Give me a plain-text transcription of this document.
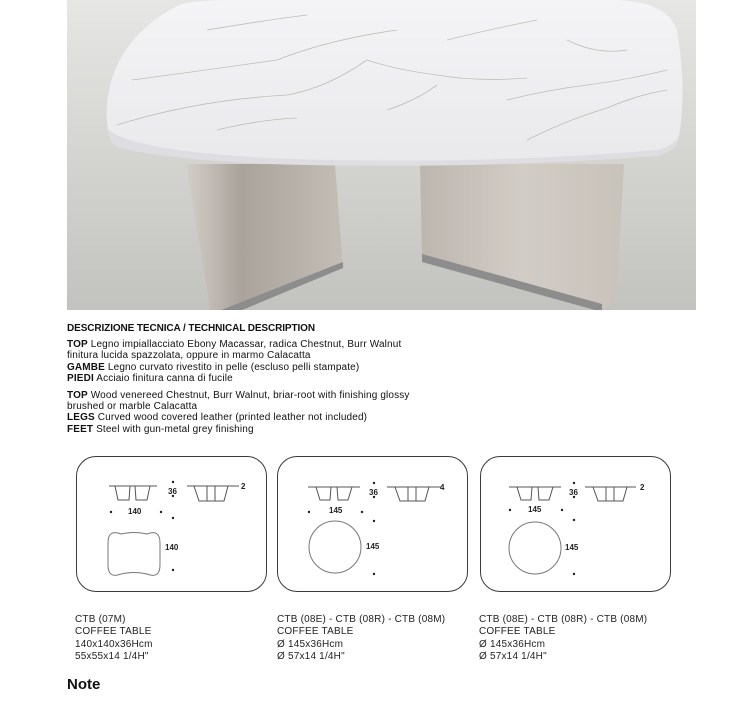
DESCRIZIONE TECNICA / TECHNICAL DESCRIPTION
TOP Legno impiallacciato Ebony Macassar, radica Chestnut, Burr Walnut
finitura lucida spazzolata, oppure in marmo Calacatta
GAMBE Legno curvato rivestito in pelle (escluso pelli stampate)
PIEDI Acciaio finitura canna di fucile
TOP Wood venereed Chestnut, Burr Walnut, briar-root with finishing glossy
brushed or marble Calacatta
LEGS Curved wood covered leather (printed leather not included)
FEET Steel with gun-metal grey finishing
36
2
140
140
36
4
145
145
36
2
145
145
CTB (07M)
COFFEE TABLE
140x140x36Hcm
55x55x14 1/4H"
CTB (08E) - CTB (08R) - CTB (08M)
COFFEE TABLE
Ø 145x36Hcm
Ø 57x14 1/4H"
CTB (08E) - CTB (08R) - CTB (08M)
COFFEE TABLE
Ø 145x36Hcm
Ø 57x14 1/4H"
Note
